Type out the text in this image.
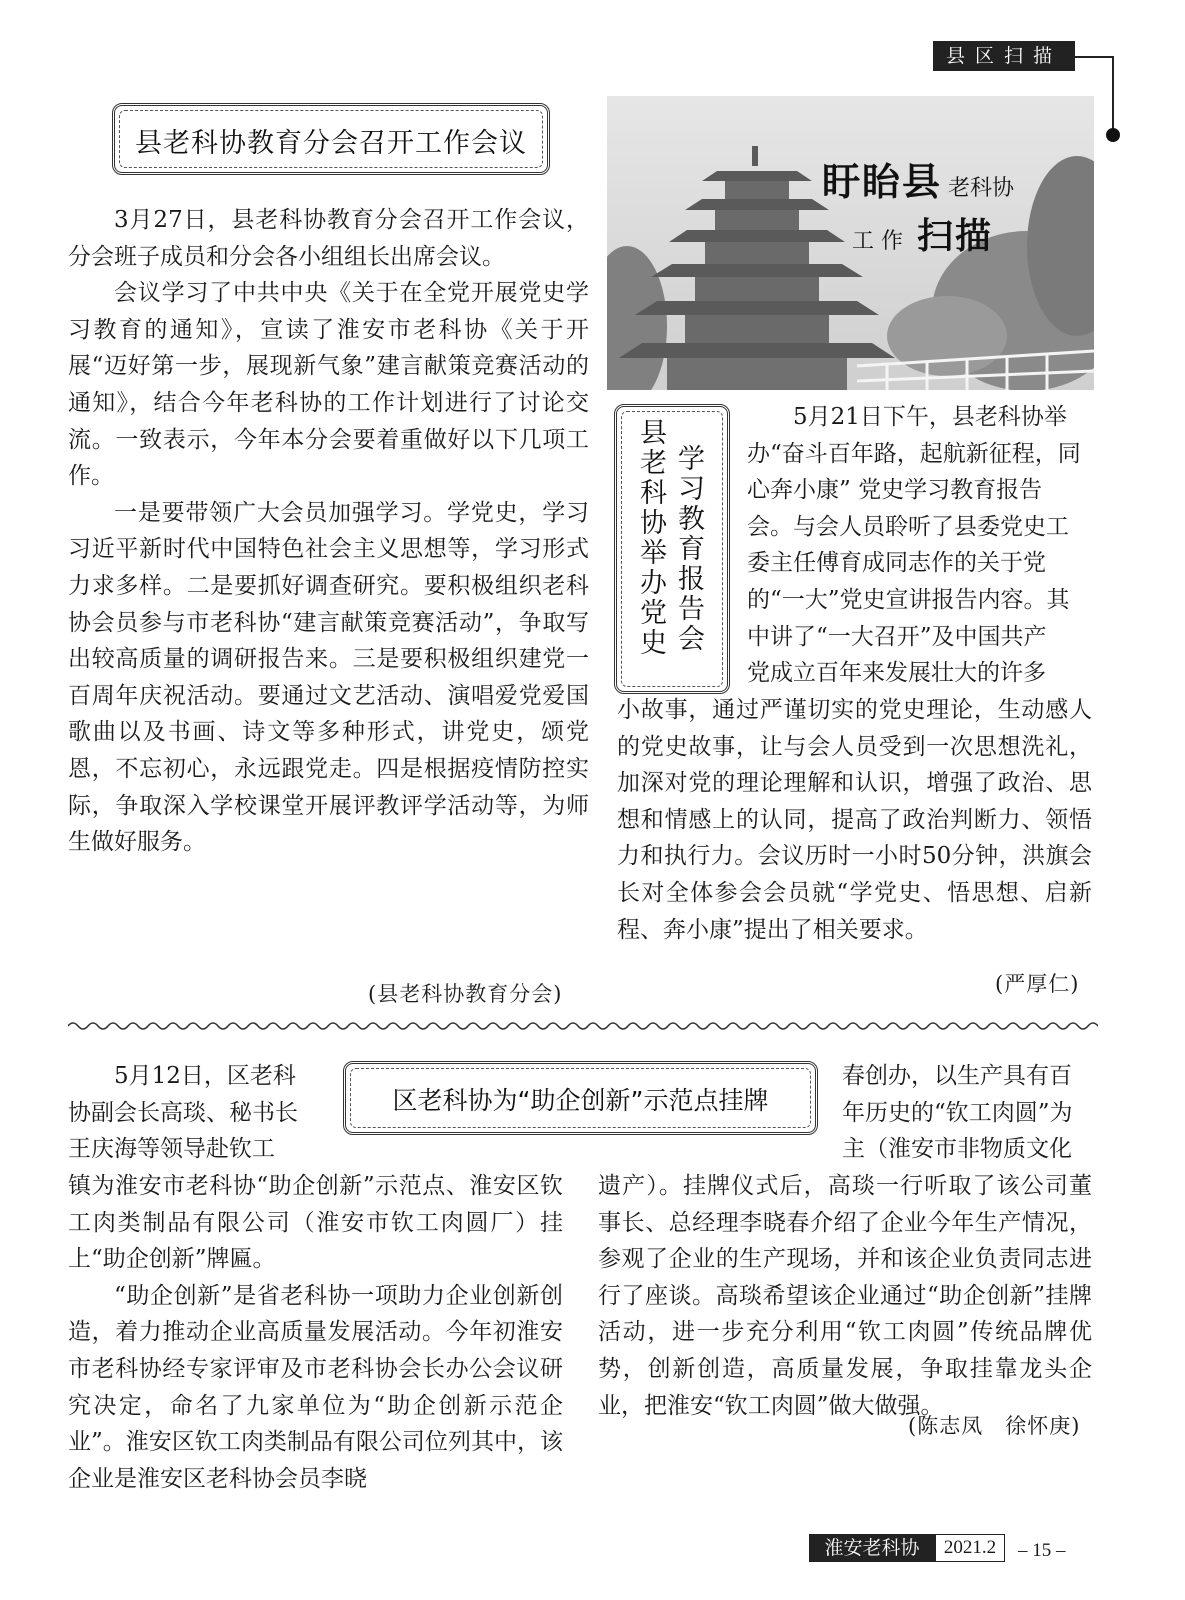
县区扫描
县老科协教育分会召开工作会议

3月27日，县老科协教育分会召开工作会议，分会班子成员和分会各小组组长出席会议。

会议学习了中共中央《关于在全党开展党史学习教育的通知》，宣读了淮安市老科协《关于开展“迈好第一步，展现新气象”建言献策竞赛活动的通知》，结合今年老科协的工作计划进行了讨论交流。一致表示，今年本分会要着重做好以下几项工作。

一是要带领广大会员加强学习。学党史，学习习近平新时代中国特色社会主义思想等，学习形式力求多样。二是要抓好调查研究。要积极组织老科协会员参与市老科协“建言献策竞赛活动”，争取写出较高质量的调研报告来。三是要积极组织建党一百周年庆祝活动。要通过文艺活动、演唱爱党爱国歌曲以及书画、诗文等多种形式，讲党史，颂党恩，不忘初心，永远跟党走。四是根据疫情防控实际，争取深入学校课堂开展评教评学活动等，为师生做好服务。

(县老科协教育分会)
盱眙县 老科协
工 作 扫描
学习教育报告会
县老科协举办党史
5月21日下午，县老科协举
办“奋斗百年路，起航新征程，同
心奔小康” 党史学习教育报告
会。与会人员聆听了县委党史工
委主任傅育成同志作的关于党
的“一大”党史宣讲报告内容。其
中讲了“一大召开”及中国共产
党成立百年来发展壮大的许多
小故事，通过严谨切实的党史理论，生动感人的党史故事，让与会人员受到一次思想洗礼，加深对党的理论理解和认识，增强了政治、思想和情感上的认同，提高了政治判断力、领悟力和执行力。会议历时一小时50分钟，洪旗会长对全体参会会员就“学党史、悟思想、启新程、奔小康”提出了相关要求。
(严厚仁)
区老科协为“助企创新”示范点挂牌
5月12日，区老科
协副会长高琰、秘书长
王庆海等领导赴钦工
镇为淮安市老科协“助企创新”示范点、淮安区钦工肉类制品有限公司（淮安市钦工肉圆厂）挂上“助企创新”牌匾。

“助企创新”是省老科协一项助力企业创新创造，着力推动企业高质量发展活动。今年初淮安市老科协经专家评审及市老科协会长办公会议研究决定，命名了九家单位为“助企创新示范企业”。淮安区钦工肉类制品有限公司位列其中，该企业是淮安区老科协会员李晓

春创办，以生产具有百
年历史的“钦工肉圆”为
主（淮安市非物质文化
遗产）。挂牌仪式后，高琰一行听取了该公司董事长、总经理李晓春介绍了企业今年生产情况，参观了企业的生产现场，并和该企业负责同志进行了座谈。高琰希望该企业通过“助企创新”挂牌活动，进一步充分利用“钦工肉圆”传统品牌优势，创新创造，高质量发展，争取挂靠龙头企业，把淮安“钦工肉圆”做大做强。
(陈志凤　徐怀庚)
淮安老科协	2021.2	– 15 –
